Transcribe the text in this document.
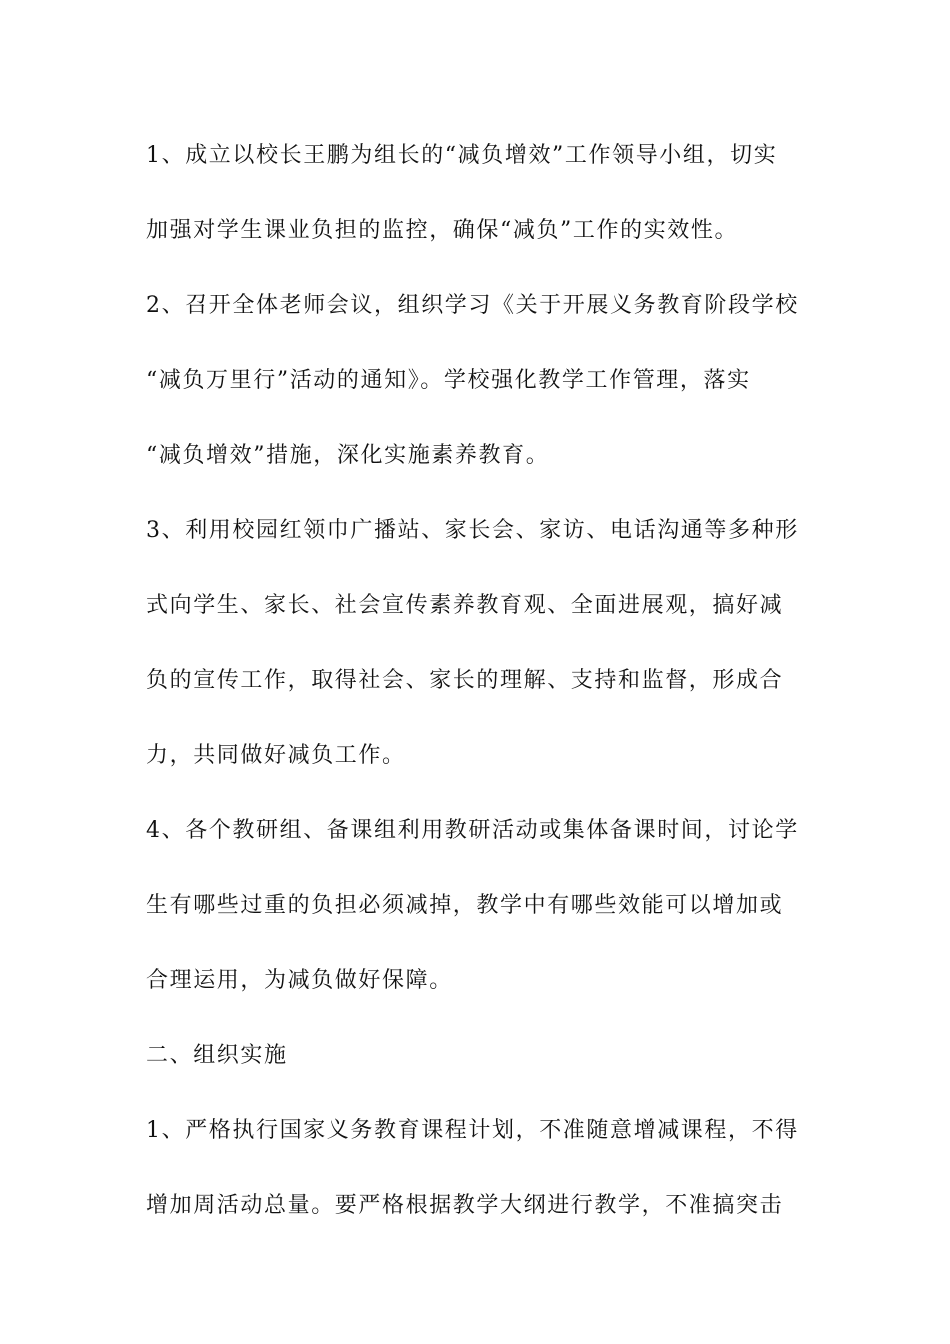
1、成立以校长王鹏为组长的“减负增效”工作领导小组，切实
加强对学生课业负担的监控，确保“减负”工作的实效性。
2、召开全体老师会议，组织学习《关于开展义务教育阶段学校
“减负万里行”活动的通知》。学校强化教学工作管理，落实
“减负增效”措施，深化实施素养教育。
3、利用校园红领巾广播站、家长会、家访、电话沟通等多种形
式向学生、家长、社会宣传素养教育观、全面进展观，搞好减
负的宣传工作，取得社会、家长的理解、支持和监督，形成合
力，共同做好减负工作。
4、各个教研组、备课组利用教研活动或集体备课时间，讨论学
生有哪些过重的负担必须减掉，教学中有哪些效能可以增加或
合理运用，为减负做好保障。
二、组织实施
1、严格执行国家义务教育课程计划，不准随意增减课程，不得
增加周活动总量。要严格根据教学大纲进行教学，不准搞突击
